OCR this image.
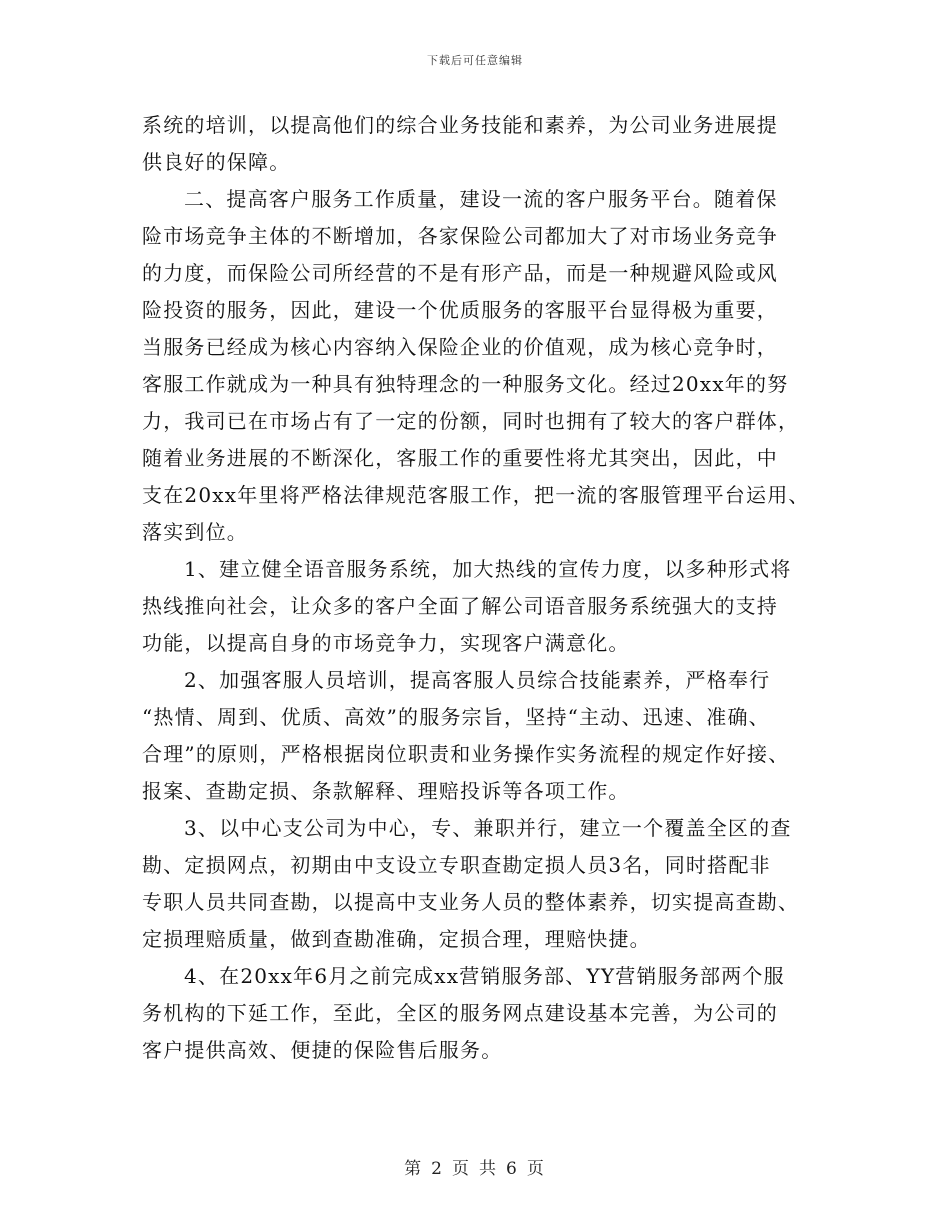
下载后可任意编辑
系统的培训，以提高他们的综合业务技能和素养，为公司业务进展提
供良好的保障。
二、提高客户服务工作质量，建设一流的客户服务平台。随着保
险市场竞争主体的不断增加，各家保险公司都加大了对市场业务竞争
的力度，而保险公司所经营的不是有形产品，而是一种规避风险或风
险投资的服务，因此，建设一个优质服务的客服平台显得极为重要，
当服务已经成为核心内容纳入保险企业的价值观，成为核心竞争时，
客服工作就成为一种具有独特理念的一种服务文化。经过20xx年的努
力，我司已在市场占有了一定的份额，同时也拥有了较大的客户群体，
随着业务进展的不断深化，客服工作的重要性将尤其突出，因此，中
支在20xx年里将严格法律规范客服工作，把一流的客服管理平台运用、
落实到位。
1、建立健全语音服务系统，加大热线的宣传力度，以多种形式将
热线推向社会，让众多的客户全面了解公司语音服务系统强大的支持
功能，以提高自身的市场竞争力，实现客户满意化。
2、加强客服人员培训，提高客服人员综合技能素养，严格奉行
“热情、周到、优质、高效”的服务宗旨，坚持“主动、迅速、准确、
合理”的原则，严格根据岗位职责和业务操作实务流程的规定作好接、
报案、查勘定损、条款解释、理赔投诉等各项工作。
3、以中心支公司为中心，专、兼职并行，建立一个覆盖全区的查
勘、定损网点，初期由中支设立专职查勘定损人员3名，同时搭配非
专职人员共同查勘，以提高中支业务人员的整体素养，切实提高查勘、
定损理赔质量，做到查勘准确，定损合理，理赔快捷。
4、在20xx年6月之前完成xx营销服务部、YY营销服务部两个服
务机构的下延工作，至此，全区的服务网点建设基本完善，为公司的
客户提供高效、便捷的保险售后服务。
第 2 页 共 6 页
